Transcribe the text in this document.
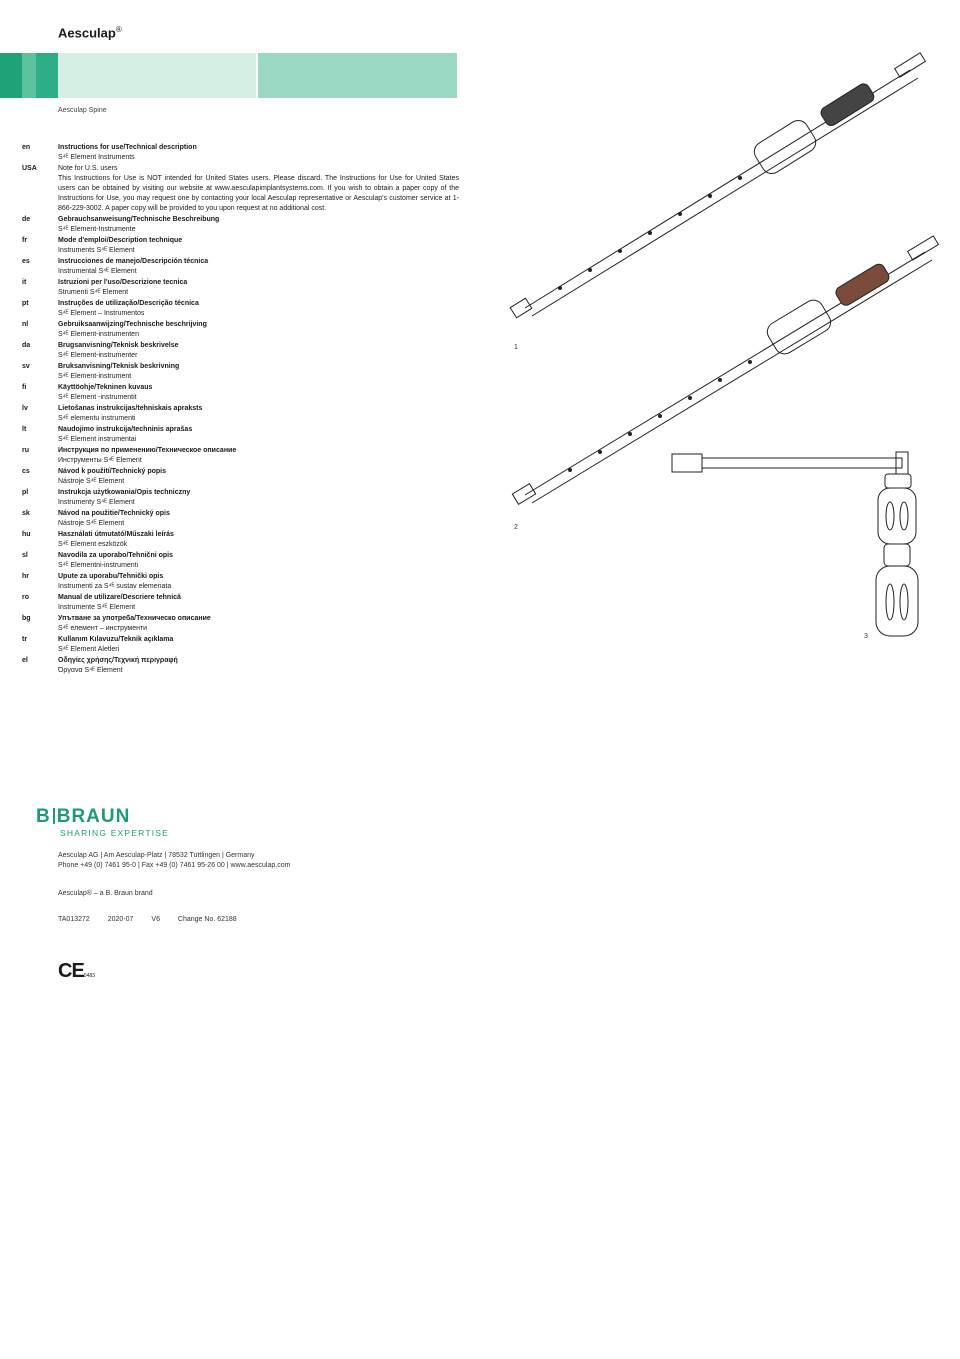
Aesculap®
Aesculap Spine
en	Instructions for use/Technical description
S⁴ᴱ Element Instruments
USA	Note for U.S. users
This Instructions for Use is NOT intended for United States users. Please discard. The Instructions for Use for United States users can be obtained by visiting our website at www.aesculapimplantsystems.com. If you wish to obtain a paper copy of the Instructions for Use, you may request one by contacting your local Aesculap representative or Aesculap's customer service at 1-866-229-3002. A paper copy will be provided to you upon request at no additional cost.
de	Gebrauchsanweisung/Technische Beschreibung
S⁴ᴱ Element-Instrumente
fr	Mode d'emploi/Description technique
Instruments S⁴ᴱ Element
es	Instrucciones de manejo/Descripción técnica
Instrumental S⁴ᴱ Element
it	Istruzioni per l'uso/Descrizione tecnica
Strumenti S⁴ᴱ Element
pt	Instruções de utilização/Descrição técnica
S⁴ᴱ Element – Instrumentos
nl	Gebruiksaanwijzing/Technische beschrijving
S⁴ᴱ Element-instrumenten
da	Brugsanvisning/Teknisk beskrivelse
S⁴ᴱ Element-instrumenter
sv	Bruksanvisning/Teknisk beskrivning
S⁴ᴱ Element-instrument
fi	Käyttöohje/Tekninen kuvaus
S⁴ᴱ Element -instrumentit
lv	Lietošanas instrukcijas/tehniskais apraksts
S⁴ᴱ elementu instrumenti
lt	Naudojimo instrukcija/techninis aprašas
S⁴ᴱ Element instrumentai
ru	Инструкция по применению/Техническое описание
Инструменты S⁴ᴱ Element
cs	Návod k použití/Technický popis
Nástroje S⁴ᴱ Element
pl	Instrukcja użytkowania/Opis techniczny
Instrumenty S⁴ᴱ Element
sk	Návod na použitie/Technický opis
Nástroje S⁴ᴱ Element
hu	Használati útmutató/Műszaki leírás
S⁴ᴱ Element eszközök
sl	Navodila za uporabo/Tehnični opis
S⁴ᴱ Elementni-instrumenti
hr	Upute za uporabu/Tehnički opis
Instrumenti za S⁴ᴱ sustav elemenata
ro	Manual de utilizare/Descriere tehnică
Instrumente S⁴ᴱ Element
bg	Упътване за употреба/Техническо описание
S⁴ᴱ елемент – инструменти
tr	Kullanım Kılavuzu/Teknik açıklama
S⁴ᴱ Element Aletleri
el	Οδηγίες χρήσης/Τεχνική περιγραφή
Όργανα S⁴ᴱ Element
B BRAUN
SHARING EXPERTISE
Aesculap AG | Am Aesculap-Platz | 78532 Tuttlingen | Germany
Phone +49 (0) 7461 95-0 | Fax +49 (0) 7461 95-26 00 | www.aesculap.com
Aesculap® – a B. Braun brand
TA013272	2020-07	V6	Change No. 62188
CE0483
1
2
3
